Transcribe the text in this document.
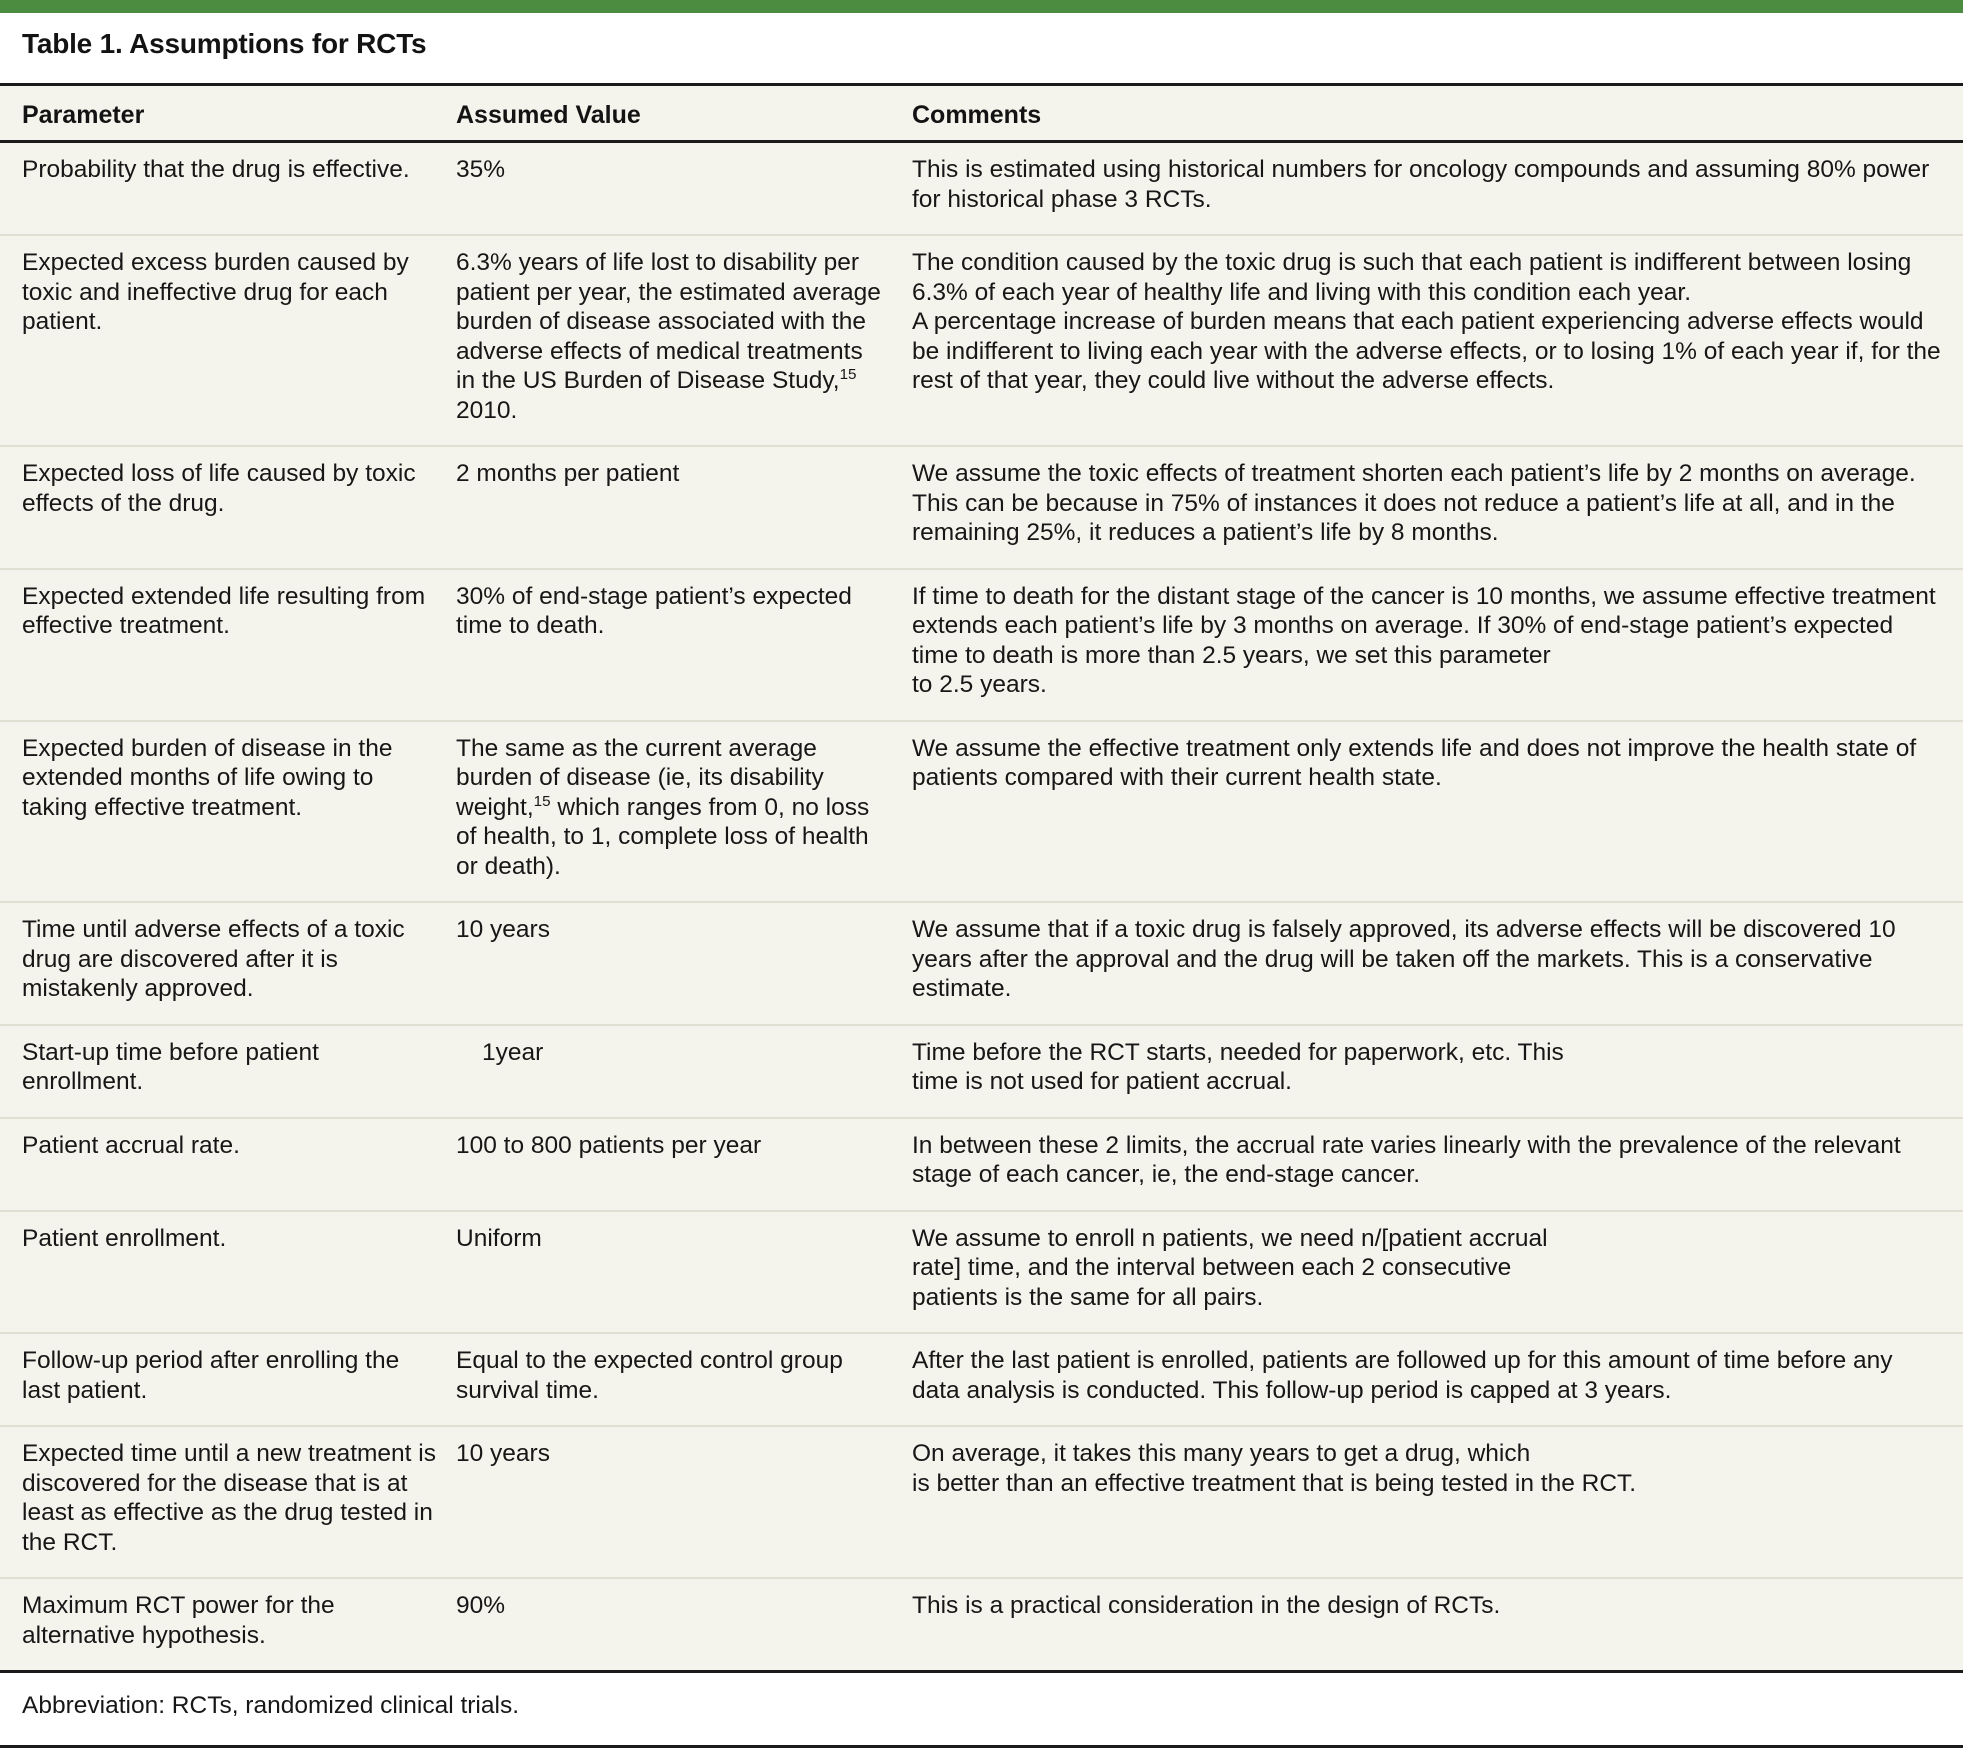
Table 1. Assumptions for RCTs
Parameter	Assumed Value	Comments
Probability that the drug is effective.	35%	This is estimated using historical numbers for oncology compounds and assuming 80% power for historical phase 3 RCTs.
Expected excess burden caused by toxic and ineffective drug for each patient.	6.3% years of life lost to disability per patient per year, the estimated average burden of disease associated with the adverse effects of medical treatments in the US Burden of Disease Study,$^{15}$ 2010.	The condition caused by the toxic drug is such that each patient is indifferent between losing 6.3% of each year of healthy life and living with this condition each year.
A percentage increase of burden means that each patient experiencing adverse effects would be indifferent to living each year with the adverse effects, or to losing 1% of each year if, for the rest of that year, they could live without the adverse effects.
Expected loss of life caused by toxic effects of the drug.	2 months per patient	We assume the toxic effects of treatment shorten each patient’s life by 2 months on average. This can be because in 75% of instances it does not reduce a patient’s life at all, and in the remaining 25%, it reduces a patient’s life by 8 months.
Expected extended life resulting from effective treatment.	30% of end-stage patient’s expected time to death.	If time to death for the distant stage of the cancer is 10 months, we assume effective treatment extends each patient’s life by 3 months on average. If 30% of end-stage patient’s expected
time to death is more than 2.5 years, we set this parameter
to 2.5 years.
Expected burden of disease in the extended months of life owing to taking effective treatment.	The same as the current average burden of disease (ie, its disability weight,$^{15}$ which ranges from 0, no loss of health, to 1, complete loss of health or death).	We assume the effective treatment only extends life and does not improve the health state of patients compared with their current health state.
Time until adverse effects of a toxic drug are discovered after it is mistakenly approved.	10 years	We assume that if a toxic drug is falsely approved, its adverse effects will be discovered 10 years after the approval and the drug will be taken off the markets. This is a conservative estimate.
Start-up time before patient enrollment.	1year	Time before the RCT starts, needed for paperwork, etc. This
time is not used for patient accrual.
Patient accrual rate.	100 to 800 patients per year	In between these 2 limits, the accrual rate varies linearly with the prevalence of the relevant stage of each cancer, ie, the end-stage cancer.
Patient enrollment.	Uniform	We assume to enroll n patients, we need n/[patient accrual
rate] time, and the interval between each 2 consecutive
patients is the same for all pairs.
Follow-up period after enrolling the last patient.	Equal to the expected control group survival time.	After the last patient is enrolled, patients are followed up for this amount of time before any data analysis is conducted. This follow-up period is capped at 3 years.
Expected time until a new treatment is discovered for the disease that is at least as effective as the drug tested in the RCT.	10 years	On average, it takes this many years to get a drug, which
is better than an effective treatment that is being tested in the RCT.
Maximum RCT power for the alternative hypothesis.	90%	This is a practical consideration in the design of RCTs.
Abbreviation: RCTs, randomized clinical trials.
